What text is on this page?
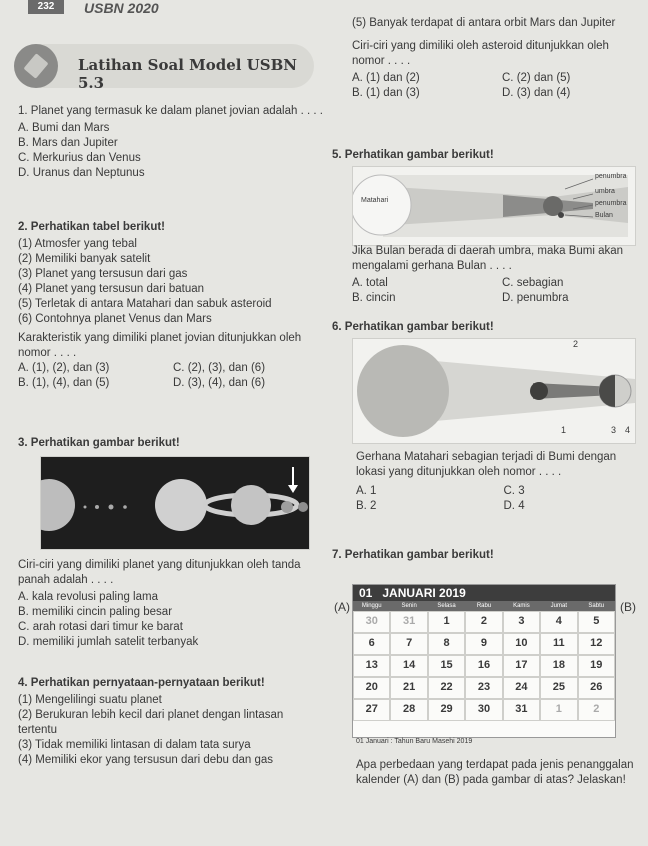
232	USBN 2020
Latihan Soal Model USBN 5.3

1. Planet yang termasuk ke dalam planet jovian adalah . . . .

A. Bumi dan Mars

B. Mars dan Jupiter

C. Merkurius dan Venus

D. Uranus dan Neptunus

2. Perhatikan tabel berikut!

(1) Atmosfer yang tebal

(2) Memiliki banyak satelit

(3) Planet yang tersusun dari gas

(4) Planet yang tersusun dari batuan

(5) Terletak di antara Matahari dan sabuk asteroid

(6) Contohnya planet Venus dan Mars

Karakteristik yang dimiliki planet jovian ditunjukkan oleh nomor . . . .

A. (1), (2), dan (3)	C. (2), (3), dan (6)
B. (1), (4), dan (5)	D. (3), (4), dan (6)

3. Perhatikan gambar berikut!

Ciri-ciri yang dimiliki planet yang ditunjukkan oleh tanda panah adalah . . . .

A. kala revolusi paling lama

B. memiliki cincin paling besar

C. arah rotasi dari timur ke barat

D. memiliki jumlah satelit terbanyak

4. Perhatikan pernyataan-pernyataan berikut!

(1) Mengelilingi suatu planet

(2) Berukuran lebih kecil dari planet dengan lintasan tertentu

(3) Tidak memiliki lintasan di dalam tata surya

(4) Memiliki ekor yang tersusun dari debu dan gas

(5) Banyak terdapat di antara orbit Mars dan Jupiter

Ciri-ciri yang dimiliki oleh asteroid ditunjukkan oleh nomor . . . .

A. (1) dan (2)	C. (2) dan (5)
B. (1) dan (3)	D. (3) dan (4)

5. Perhatikan gambar berikut!

Matahari
penumbra
umbra
penumbra
Bulan

Jika Bulan berada di daerah umbra, maka Bumi akan mengalami gerhana Bulan . . . .

A. total	C. sebagian
B. cincin	D. penumbra

6. Perhatikan gambar berikut!

2
1	3 4

Gerhana Matahari sebagian terjadi di Bumi dengan lokasi yang ditunjukkan oleh nomor . . . .

A. 1	C. 3
B. 2	D. 4

7. Perhatikan gambar berikut!

(A)	(B)
01 JANUARI 2019
Minggu	Senin	Selasa	Rabu	Kamis	Jumat	Sabtu
30	31	1	2	3	4	5
6	7	8	9	10	11	12
13	14	15	16	17	18	19
20	21	22	23	24	25	26
27	28	29	30	31	1	2
01 Januari : Tahun Baru Masehi 2019

Apa perbedaan yang terdapat pada jenis penanggalan kalender (A) dan (B) pada gambar di atas? Jelaskan!
